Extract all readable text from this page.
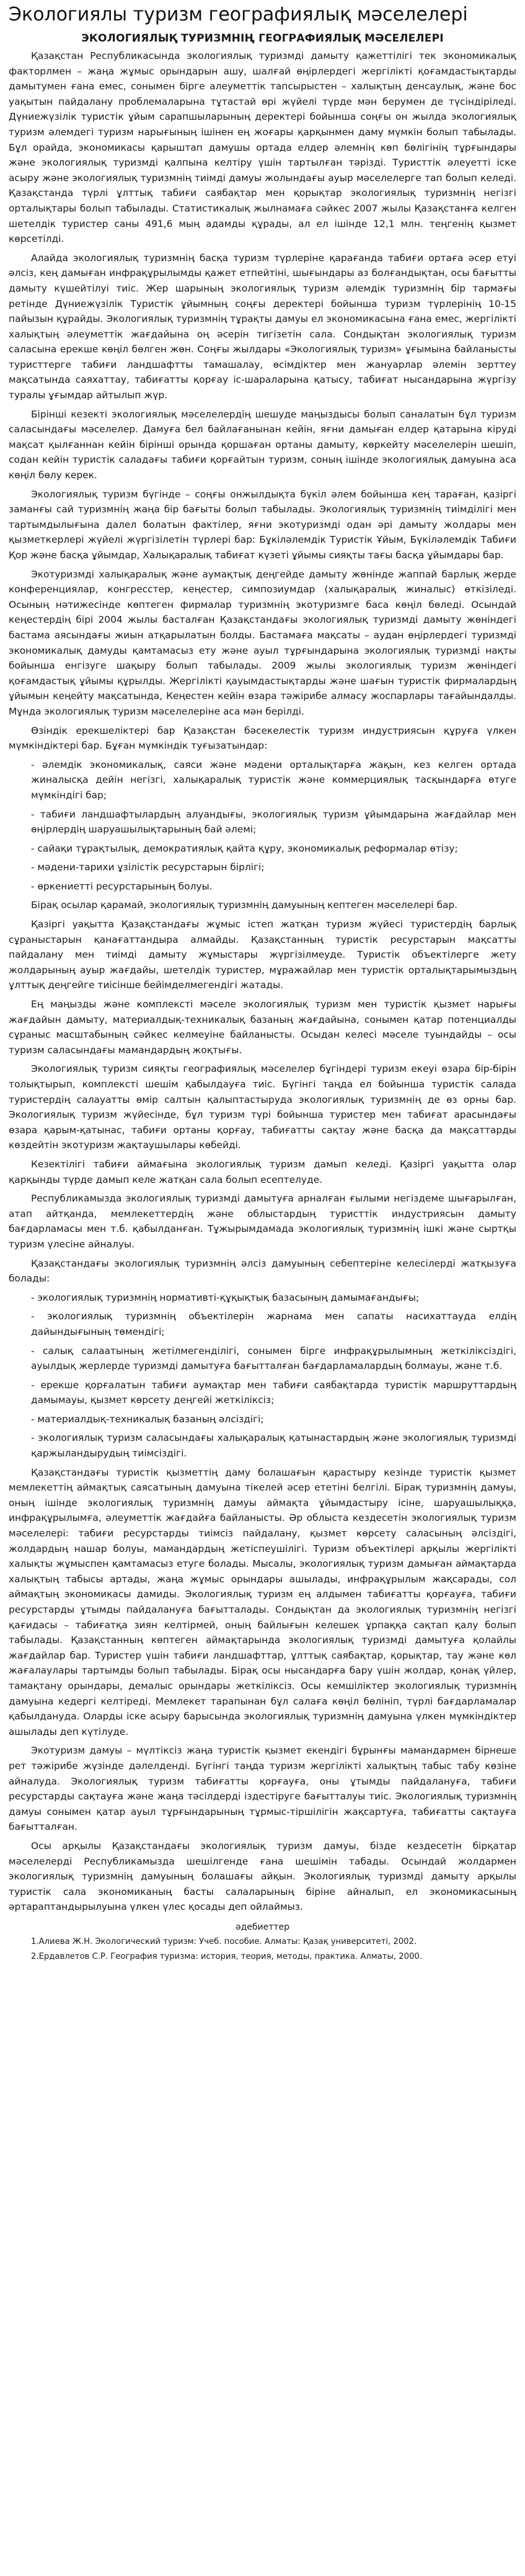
Экологиялы туризм географиялық мәселелері
ЭКОЛОГИЯЛЫҚ ТУРИЗМНІҢ ГЕОГРАФИЯЛЫҚ МӘСЕЛЕЛЕРІ

Қазақстан Республикасында экологиялық туризмді дамыту қажеттілігі тек экономикалық факторлмен – жаңа жұмыс орындарын ашу, шалғай өңірлердегі жергілікті қоғамдастықтарды дамытумен ғана емес, сонымен бірге алеуметтік тапсырыстен – халықтың денсаулық, және бос уақытын пайдалану проблемаларына тұтастай өрі жүйелі түрде мән берумен де түсіндіріледі. Дүниежүзілік туристік ұйым сарапшыларының деректері бойынша соңғы он жылда экологиялық туризм әлемдегі туризм нарығының ішінен ең жоғары қарқынмен даму мүмкін болып табылады. Бұл орайда, экономикасы қарыштап дамушы ортада елдер әлемнің көп бөлігінің тұрғындары және экологиялық туризмді қалпына келтіру үшін тартылған тәрізді. Туристтік әлеуетті іске асыру және экологиялық туризмнің тиімді дамуы жолындағы ауыр мәселелерге тап болып келеді. Қазақстанда түрлі ұлттық табиғи саябақтар мен қорықтар экологиялық туризмнің негізгі орталықтары болып табылады. Статистикалық жылнамаға сәйкес 2007 жылы Қазақстанға келген шетелдік туристер саны 491,6 мың адамды құрады, ал ел ішінде 12,1 млн. теңгенің қызмет көрсетілді.

Алайда экологиялық туризмнің басқа туризм түрлеріне қарағанда табиғи ортаға әсер етуі әлсіз, кең дамыған инфрақұрылымды қажет етпейтіні, шығындары аз болғандықтан, осы бағытты дамыту күшейтілуі тиіс. Жер шарының экологиялық туризм әлемдік туризмнің бір тармағы ретінде Дүниежүзілік Туристік ұйымның соңғы деректері бойынша туризм түрлерінің 10-15 пайызын құрайды. Экологиялық туризмнің тұрақты дамуы ел экономикасына ғана емес, жергілікті халықтың әлеуметтік жағдайына оң әсерін тигізетін сала. Сондықтан экологиялық туризм саласына ерекше көңіл бөлген жөн. Соңғы жылдары «Экологиялық туризм» ұғымына байланысты туристтерге табиғи ландшафтты тамашалау, өсімдіктер мен жануарлар әлемін зерттеу мақсатында саяхаттау, табиғатты қорғау іс-шараларына қатысу, табиғат нысандарына жүргізу туралы ұғымдар айтылып жүр.

Бірінші кезекті экологиялық мәселелердің шешуде маңыздысы болып саналатын бұл туризм саласындағы мәселелер. Дамуға бел байлағанынан кейін, яғни дамыған елдер қатарына кіруді мақсат қылғаннан кейін бірінші орында қоршаған ортаны дамыту, көркейту мәселелерін шешіп, содан кейін туристік саладағы табиғи қорғайтын туризм, соның ішінде экологиялық дамуына аса көңіл бөлу керек.

Экологиялық туризм бүгінде – соңғы онжылдықта бүкіл әлем бойынша кең тараған, қазіргі заманғы сай туризмнің жаңа бір бағыты болып табылады. Экологиялық туризмнің тиімділігі мен тартымдылығына далел болатын фактілер, яғни экотуризмді одан әрі дамыту жолдары мен қызметкерлері жүйелі жүргізілетін түрлері бар: Бұкіләлемдік Туристік Ұйым, Бүкіләлемдік Табиғи Қор және басқа ұйымдар, Халықаралық табиғат күзеті ұйымы сияқты тағы басқа ұйымдары бар.

Экотуризмді халықаралық және аумақтық деңгейде дамыту жөнінде жаппай барлық жерде конференциялар, конгресстер, кеңестер, симпозиумдар (халықаралық жиналыс) өткізіледі. Осының нәтижесінде көптеген фирмалар туризмнің экотуризмге баса көңіл бөледі. Осындай кеңестердің бірі 2004 жылы басталған Қазақстандағы экологиялық туризмді дамыту жөніндегі бастама аясындағы жиын атқарылатын болды. Бастамаға мақсаты – аудан өңірлердегі туризмді экономикалық дамуды қамтамасыз ету және ауыл тұрғындарына экологиялық туризмді нақты бойынша енгізуге шақыру болып табылады. 2009 жылы экологиялық туризм жөніндегі қоғамдастық ұйымы құрылды. Жергілікті қауымдастықтарды және шағын туристік фирмалардың ұйымын кеңейту мақсатында, Кеңестен кейін өзара тәжірибе алмасу жоспарлары тағайындалды. Мұнда экологиялық туризм мәселелеріне аса мән берілді.

Өзіндік ерекшеліктері бар Қазақстан бәсекелестік туризм индустриясын құруға үлкен мүмкіндіктері бар. Бұған мүмкіндік туғызатындар:

- әлемдік экономикалық, саяси және мәдени орталықтарға жақын, кез келген ортада жиналысқа дейін негізгі, халықаралық туристік және коммерциялық тасқындарға өтуге мүмкіндігі бар;

- табиғи ландшафтылардың алуандығы, экологиялық туризм ұйымдарына жағдайлар мен өңірлердің шаруашылықтарының бай әлемі;

- сайақи тұрақтылық, демократиялық қайта құру, экономикалық реформалар өтізу;

- мәдени-тарихи ұзілістік ресурстарын бірлігі;

- өркениетті ресурстарының болуы.

Бірақ осылар қарамай, экологиялық туризмнің дамуының кептеген мәселелері бар.

Қазіргі уақытта Қазақстандағы жұмыс істеп жатқан туризм жүйесі туристердің барлық сұраныстарын қанағаттандыра алмайды. Қазақстанның туристік ресурстарын мақсатты пайдалану мен тиімді дамыту жұмыстары жүргізілмеуде. Туристік объектілерге жету жолдарының ауыр жағдайы, шетелдік туристер, мұражайлар мен туристік орталықтарымыздың ұлттық деңгейге тиісінше бейімделмегендігі жатады.

Ең маңызды және комплексті мәселе экологиялық туризм мен туристік қызмет нарығы жағдайын дамыту, материалдық-техникалық базаның жағдайына, сонымен қатар потенциалды сұраныс масштабының сәйкес келмеуіне байланысты. Осыдан келесі мәселе туындайды – осы туризм саласындағы мамандардың жоқтығы.

Экологиялық туризм сияқты географиялық мәселелер бұгіндері туризм екеуі өзара бір-бірін толықтырып, комплексті шешім қабылдауға тиіс. Бүгінгі таңда ел бойынша туристік салада туристердің салауатты өмір салтын қалыптастыруда экологиялық туризмнің де өз орны бар. Экологиялық туризм жүйесінде, бұл туризм түрі бойынша туристер мен табиғат арасындағы өзара қарым-қатынас, табиғи ортаны қорғау, табиғатты сақтау және басқа да мақсаттарды көздейтін экотуризм жақтаушылары көбейді.

Кезектілігі табиғи аймағына экологиялық туризм дамып келеді. Қазіргі уақытта олар қарқынды түрде дамып келе жатқан сала болып есептелуде.

Республикамызда экологиялық туризмді дамытуға арналған ғылыми негіздеме шығарылған, атап айтқанда, мемлекеттердің және облыстардың туристтік индустриясын дамыту бағдарламасы мен т.б. қабылданған. Тұжырымдамада экологиялық туризмнің ішкі және сыртқы туризм үлесіне айналуы.

Қазақстандағы экологиялық туризмнің әлсіз дамуының себептеріне келесілерді жатқызуға болады:

- экологиялық туризмнің нормативті-құқықтық базасының дамымағандығы;

- экологиялық туризмнің объектілерін жарнама мен сапаты насихаттауда елдің дайындығының төмендігі;

- салық салаатының жетілмегенділігі, сонымен бірге инфрақұрылымның жеткіліксіздігі, ауылдық жерлерде туризмді дамытуға бағытталған бағдарламалардың болмауы, және т.б.

- ерекше қорғалатын табиғи аумақтар мен табиғи саябақтарда туристік маршруттардың дамымауы, қызмет көрсету деңгейі жеткіліксіз;

- материалдық-техникалық базаның әлсіздігі;

- экологиялық туризм саласындағы халықаралық қатынастардың және экологиялық туризмді қаржыландырудың тиімсіздігі.

Қазақстандағы туристік қызметтің даму болашағын қарастыру кезінде туристік қызмет мемлекеттің аймақтық саясатының дамуына тікелей әсер ететіні белгілі. Бірақ туризмнің дамуы, оның ішінде экологиялық туризмнің дамуы аймақта ұйымдастыру ісіне, шаруашылыққа, инфрақұрылымға, әлеуметтік жағдайға байланысты. Әр облыста кездесетін экологиялық туризм мәселелері: табиғи ресурстарды тиімсіз пайдалану, қызмет көрсету саласының әлсіздігі, жолдардың нашар болуы, мамандардың жетіспеушілігі. Туризм объектілері арқылы жергілікті халықты жұмыспен қамтамасыз етуге болады. Мысалы, экологиялық туризм дамыған аймақтарда халықтың табысы артады, жаңа жұмыс орындары ашылады, инфрақұрылым жақсарады, сол аймақтың экономикасы дамиды. Экологиялық туризм ең алдымен табиғатты қорғауға, табиғи ресурстарды ұтымды пайдалануға бағытталады. Сондықтан да экологиялық туризмнің негізгі қағидасы – табиғатқа зиян келтірмей, оның байлығын келешек ұрпаққа сақтап қалу болып табылады. Қазақстанның көптеген аймақтарында экологиялық туризмді дамытуға қолайлы жағдайлар бар. Туристер үшін табиғи ландшафттар, ұлттық саябақтар, қорықтар, тау және көл жағалаулары тартымды болып табылады. Бірақ осы нысандарға бару үшін жолдар, қонақ үйлер, тамақтану орындары, демалыс орындары жеткіліксіз. Осы кемшіліктер экологиялық туризмнің дамуына кедергі келтіреді. Мемлекет тарапынан бұл салаға көңіл бөлініп, түрлі бағдарламалар қабылдануда. Оларды іске асыру барысында экологиялық туризмнің дамуына үлкен мүмкіндіктер ашылады деп күтілуде.

Экотуризм дамуы – мүлтіксіз жаңа туристік қызмет екендігі бұрынғы мамандармен бірнеше рет тәжірибе жүзінде дәлелденді. Бүгінгі таңда туризм жергілікті халықтың табыс табу көзіне айналуда. Экологиялық туризм табиғатты қорғауға, оны ұтымды пайдалануға, табиғи ресурстарды сақтауға және жаңа тәсілдерді іздестіруге бағытталуы тиіс. Экологиялық туризмнің дамуы сонымен қатар ауыл тұрғындарының тұрмыс-тіршілігін жақсартуға, табиғатты сақтауға бағытталған.

Осы арқылы Қазақстандағы экологиялық туризм дамуы, бізде кездесетін бірқатар мәселелерді Республикамызда шешілгенде ғана шешімін табады. Осындай жолдармен экологиялық туризмнің дамуының болашағы айқын. Экологиялық туризмді дамыту арқылы туристік сала экономиканың басты салаларының біріне айналып, ел экономикасының әртараптандырылуына үлкен үлес қосады деп ойлаймыз.

әдебиеттер

1.Алиева Ж.Н. Экологический туризм: Учеб. пособие. Алматы: Қазақ университеті, 2002.

2.Ердавлетов С.Р. География туризма: история, теория, методы, практика. Алматы, 2000.
